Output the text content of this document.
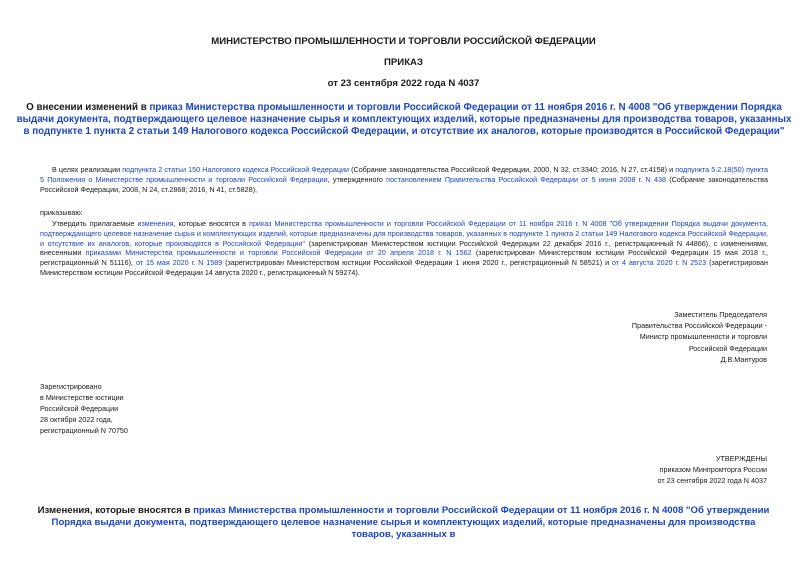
МИНИСТЕРСТВО ПРОМЫШЛЕННОСТИ И ТОРГОВЛИ РОССИЙСКОЙ ФЕДЕРАЦИИ
ПРИКАЗ
от 23 сентября 2022 года N 4037
О внесении изменений в приказ Министерства промышленности и торговли Российской Федерации от 11 ноября 2016 г. N 4008 "Об утверждении Порядка выдачи документа, подтверждающего целевое назначение сырья и комплектующих изделий, которые предназначены для производства товаров, указанных в подпункте 1 пункта 2 статьи 149 Налогового кодекса Российской Федерации, и отсутствие их аналогов, которые производятся в Российской Федерации"
В целях реализации подпункта 2 статьи 150 Налогового кодекса Российской Федерации (Собрание законодательства Российской Федерации, 2000, N 32, ст.3340; 2016, N 27, ст.4158) и подпункта 5.2.18(50) пункта 5 Положения о Министерстве промышленности и торговли Российской Федерации, утвержденного постановлением Правительства Российской Федерации от 5 июня 2008 г. N 438 (Собрание законодательства Российской Федерации, 2008, N 24, ст.2868; 2016, N 41, ст.5828),
приказываю:
Утвердить прилагаемые изменения, которые вносятся в приказ Министерства промышленности и торговли Российской Федерации от 11 ноября 2016 г. N 4008 "Об утверждении Порядка выдачи документа, подтверждающего целевое назначение сырья и комплектующих изделий, которые предназначены для производства товаров, указанных в подпункте 1 пункта 2 статьи 149 Налогового кодекса Российской Федерации, и отсутствие их аналогов, которые производятся в Российской Федерации" (зарегистрирован Министерством юстиции Российской Федерации 22 декабря 2016 г., регистрационный N 44866), с изменениями, внесенными приказами Министерства промышленности и торговли Российской Федерации от 20 апреля 2018 г. N 1562 (зарегистрирован Министерством юстиции Российской Федерации 15 мая 2018 г., регистрационный N 51116), от 15 мая 2020 г. N 1589 (зарегистрирован Министерством юстиции Российской Федерации 1 июня 2020 г., регистрационный N 58521) и от 4 августа 2020 г. N 2523 (зарегистрирован Министерством юстиции Российской Федерации 14 августа 2020 г., регистрационный N 59274).
Заместитель Председателя
Правительства Российской Федерации -
Министр промышленности и торговли
Российской Федерации
Д.В.Мантуров
Зарегистрировано
в Министерстве юстиции
Российской Федерации
28 октября 2022 года,
регистрационный N 70750
УТВЕРЖДЕНЫ
приказом Минпромторга России
от 23 сентября 2022 года N 4037
Изменения, которые вносятся в приказ Министерства промышленности и торговли Российской Федерации от 11 ноября 2016 г. N 4008 "Об утверждении Порядка выдачи документа, подтверждающего целевое назначение сырья и комплектующих изделий, которые предназначены для производства товаров, указанных в
